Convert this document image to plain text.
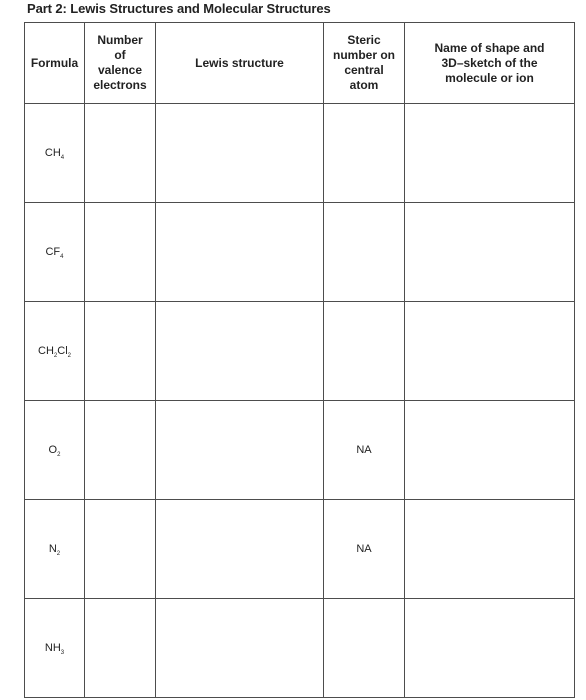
Part 2: Lewis Structures and Molecular Structures
Formula	Number of valence electrons	Lewis structure	Steric number on central atom	Name of shape and 3D–sketch of the molecule or ion

$CH_4$				
$CF_4$				
$CH_2Cl_2$				
$O_2$			NA	
$N_2$			NA	
$NH_3$				
